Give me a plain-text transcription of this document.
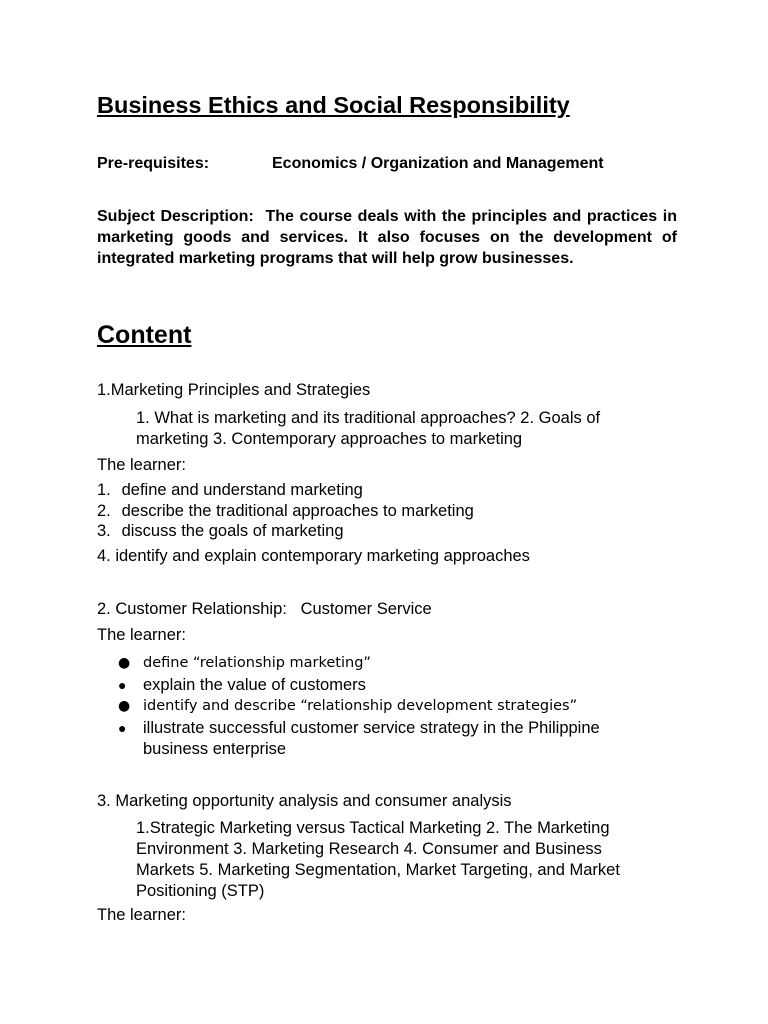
Business Ethics and Social Responsibility
Pre-requisites:	Economics / Organization and Management

Subject Description: The course deals with the principles and practices in marketing goods and services. It also focuses on the development of integrated marketing programs that will help grow businesses.

Content
1.Marketing Principles and Strategies

1. What is marketing and its traditional approaches? 2. Goals of marketing 3. Contemporary approaches to marketing

The learner:
1. define and understand marketing
2. describe the traditional approaches to marketing
3. discuss the goals of marketing
4. identify and explain contemporary marketing approaches
2. Customer Relationship:   Customer Service
The learner:
● define “relationship marketing”
● explain the value of customers
● identify and describe “relationship development strategies”
● illustrate successful customer service strategy in the Philippine business enterprise
3. Marketing opportunity analysis and consumer analysis

1.Strategic Marketing versus Tactical Marketing 2. The Marketing Environment 3. Marketing Research 4. Consumer and Business Markets 5. Marketing Segmentation, Market Targeting, and Market Positioning (STP)

The learner:
